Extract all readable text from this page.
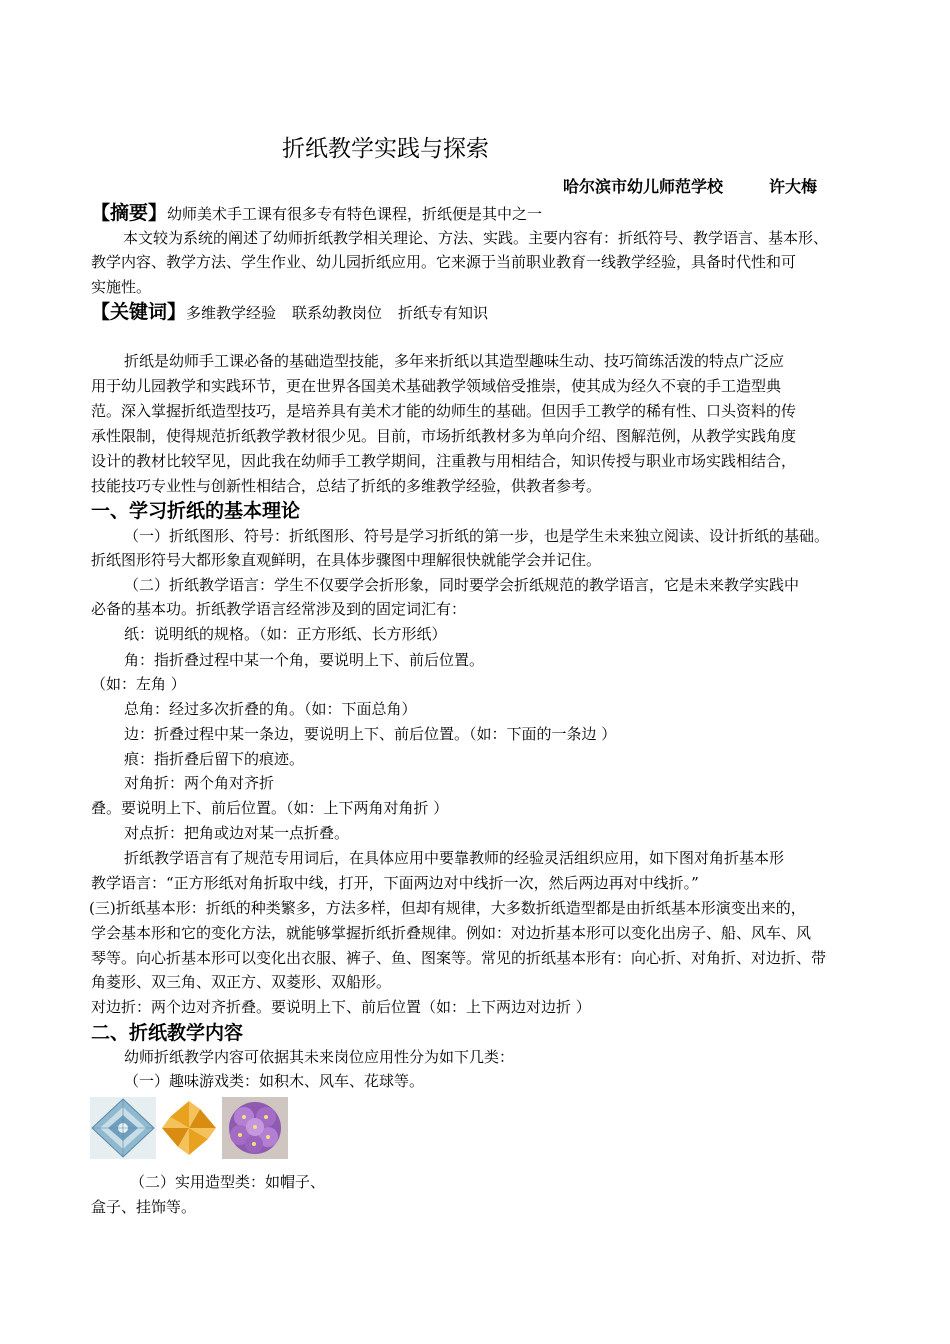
折纸教学实践与探索
哈尔滨市幼儿师范学校	许大梅
【摘要】幼师美术手工课有很多专有特色课程，折纸便是其中之一
本文较为系统的阐述了幼师折纸教学相关理论、方法、实践。主要内容有：折纸符号、教学语言、基本形、
教学内容、教学方法、学生作业、幼儿园折纸应用。它来源于当前职业教育一线教学经验，具备时代性和可
实施性。
【关键词】多维教学经验 联系幼教岗位 折纸专有知识
折纸是幼师手工课必备的基础造型技能，多年来折纸以其造型趣味生动、技巧简练活泼的特点广泛应
用于幼儿园教学和实践环节，更在世界各国美术基础教学领域倍受推崇，使其成为经久不衰的手工造型典
范。深入掌握折纸造型技巧，是培养具有美术才能的幼师生的基础。但因手工教学的稀有性、口头资料的传
承性限制，使得规范折纸教学教材很少见。目前，市场折纸教材多为单向介绍、图解范例，从教学实践角度
设计的教材比较罕见，因此我在幼师手工教学期间，注重教与用相结合，知识传授与职业市场实践相结合，
技能技巧专业性与创新性相结合，总结了折纸的多维教学经验，供教者参考。
一、学习折纸的基本理论
（一）折纸图形、符号：折纸图形、符号是学习折纸的第一步，也是学生未来独立阅读、设计折纸的基础。
折纸图形符号大都形象直观鲜明，在具体步骤图中理解很快就能学会并记住。
（二）折纸教学语言：学生不仅要学会折形象，同时要学会折纸规范的教学语言，它是未来教学实践中
必备的基本功。折纸教学语言经常涉及到的固定词汇有：
纸：说明纸的规格。（如：正方形纸、长方形纸）
角：指折叠过程中某一个角，要说明上下、前后位置。
（如：左角 ）
总角：经过多次折叠的角。（如：下面总角）
边：折叠过程中某一条边，要说明上下、前后位置。（如：下面的一条边 ）
痕：指折叠后留下的痕迹。
对角折：两个角对齐折
叠。要说明上下、前后位置。（如：上下两角对角折 ）
对点折：把角或边对某一点折叠。
折纸教学语言有了规范专用词后，在具体应用中要靠教师的经验灵活组织应用，如下图对角折基本形
教学语言：“正方形纸对角折取中线，打开，下面两边对中线折一次，然后两边再对中线折。”
(三)折纸基本形：折纸的种类繁多，方法多样，但却有规律，大多数折纸造型都是由折纸基本形演变出来的，
学会基本形和它的变化方法，就能够掌握折纸折叠规律。例如：对边折基本形可以变化出房子、船、风车、风
琴等。向心折基本形可以变化出衣服、裤子、鱼、图案等。常见的折纸基本形有：向心折、对角折、对边折、带
角菱形、双三角、双正方、双菱形、双船形。
对边折：两个边对齐折叠。要说明上下、前后位置（如：上下两边对边折 ）
二、折纸教学内容
幼师折纸教学内容可依据其未来岗位应用性分为如下几类：
（一）趣味游戏类：如积木、风车、花球等。
（二）实用造型类：如帽子、
盒子、挂饰等。
